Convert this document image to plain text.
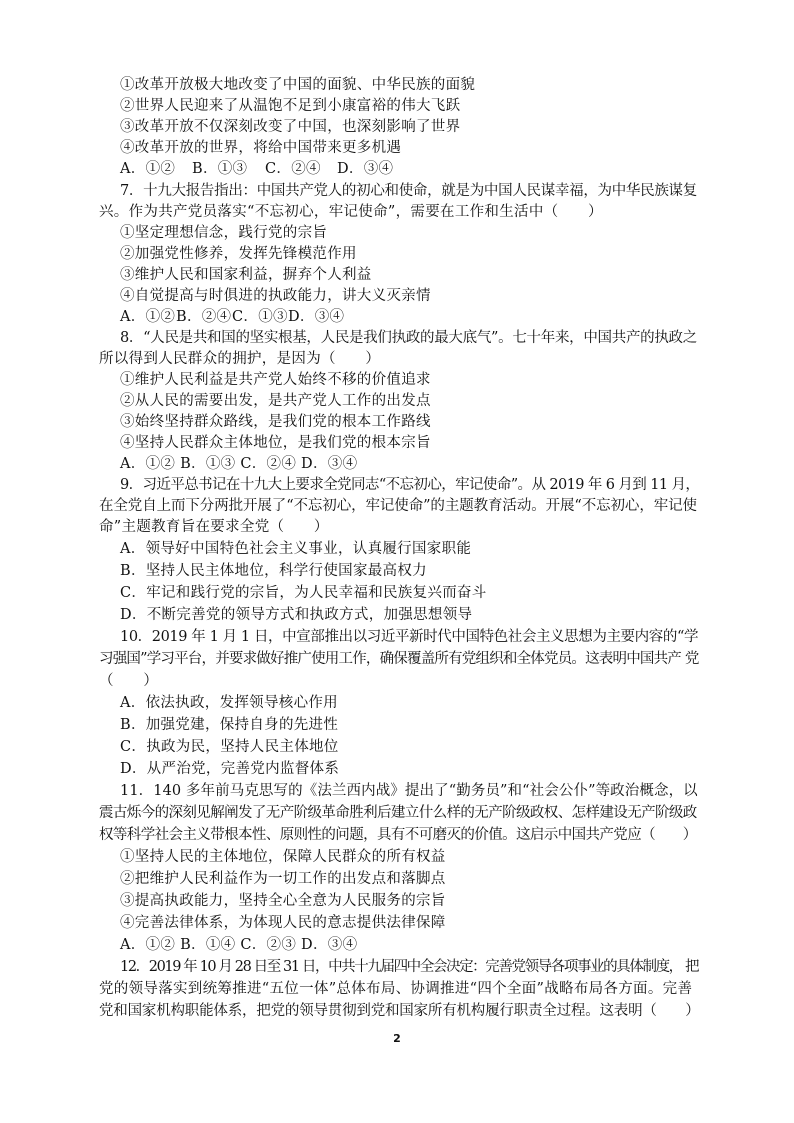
①改革开放极大地改变了中国的面貌、中华民族的面貌
②世界人民迎来了从温饱不足到小康富裕的伟大飞跃
③改革开放不仅深刻改变了中国，也深刻影响了世界
④改革开放的世界，将给中国带来更多机遇
A．①② B．①③ C．②④ D．③④
7．十九大报告指出：中国共产党人的初心和使命，就是为中国人民谋幸福，为中华民族谋复
兴。作为共产党员落实“不忘初心，牢记使命”，需要在工作和生活中（　　）
①坚定理想信念，践行党的宗旨
②加强党性修养，发挥先锋模范作用
③维护人民和国家利益，摒弃个人利益
④自觉提高与时俱进的执政能力，讲大义灭亲情
A．①②B．②④C．①③D．③④
8．“人民是共和国的坚实根基，人民是我们执政的最大底气”。七十年来，中国共产的执政之
所以得到人民群众的拥护，是因为（　　）
①维护人民利益是共产党人始终不移的价值追求
②从人民的需要出发，是共产党人工作的出发点
③始终坚持群众路线，是我们党的根本工作路线
④坚持人民群众主体地位，是我们党的根本宗旨
A．①② B．①③ C．②④ D．③④
9．习近平总书记在十九大上要求全党同志“不忘初心，牢记使命”。从 2019 年 6 月到 11 月，
在全党自上而下分两批开展了“不忘初心，牢记使命”的主题教育活动。开展“不忘初心，牢记使
命”主题教育旨在要求全党（　　）
A．领导好中国特色社会主义事业，认真履行国家职能
B．坚持人民主体地位，科学行使国家最高权力
C．牢记和践行党的宗旨，为人民幸福和民族复兴而奋斗
D．不断完善党的领导方式和执政方式，加强思想领导
10．2019 年 1 月 1 日，中宣部推出以习近平新时代中国特色社会主义思想为主要内容的“学
习强国”学习平台，并要求做好推广使用工作，确保覆盖所有党组织和全体党员。这表明中国共产 党
（　　）
A．依法执政，发挥领导核心作用
B．加强党建，保持自身的先进性
C．执政为民，坚持人民主体地位
D．从严治党，完善党内监督体系
11．140 多年前马克思写的《法兰西内战》提出了“勤务员”和“社会公仆”等政治概念，以
震古烁今的深刻见解阐发了无产阶级革命胜利后建立什么样的无产阶级政权、怎样建设无产阶级政
权等科学社会主义带根本性、原则性的问题，具有不可磨灭的价值。这启示中国共产党应（　　）
①坚持人民的主体地位，保障人民群众的所有权益
②把维护人民利益作为一切工作的出发点和落脚点
③提高执政能力，坚持全心全意为人民服务的宗旨
④完善法律体系，为体现人民的意志提供法律保障
A．①② B．①④ C．②③ D．③④
12．2019 年 10 月 28 日至 31 日，中共十九届四中全会决定：完善党领导各项事业的具体制度， 把
党的领导落实到统筹推进“五位一体”总体布局、协调推进“四个全面”战略布局各方面。完善
党和国家机构职能体系，把党的领导贯彻到党和国家所有机构履行职责全过程。这表明（　　）
2
